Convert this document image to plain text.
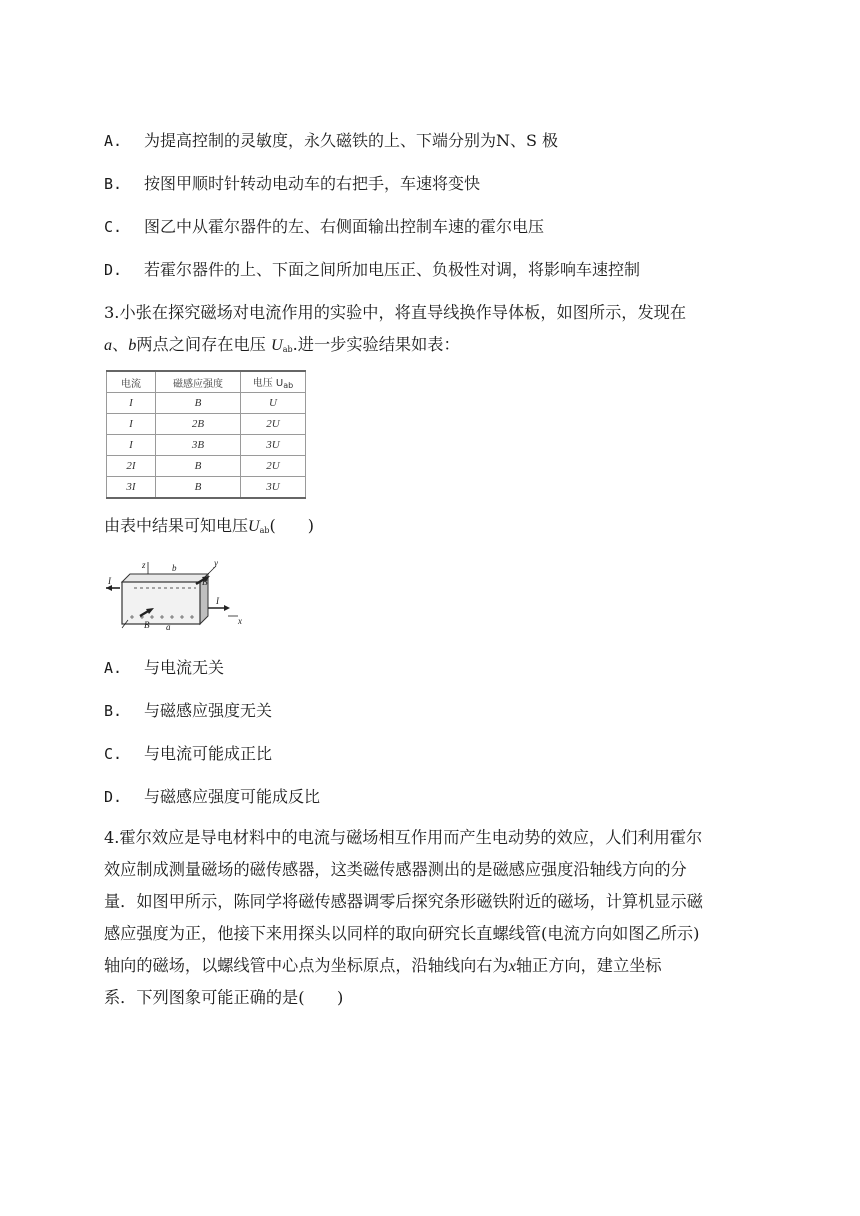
A. 为提高控制的灵敏度，永久磁铁的上、下端分别为N、S 极
B. 按图甲顺时针转动电动车的右把手，车速将变快
C. 图乙中从霍尔器件的左、右侧面输出控制车速的霍尔电压
D. 若霍尔器件的上、下面之间所加电压正、负极性对调，将影响车速控制
3.小张在探究磁场对电流作用的实验中，将直导线换作导体板，如图所示，发现在
a、b两点之间存在电压 $U_{ab}$.进一步实验结果如表：
电流	磁感应强度	电压 $U_{ab}$
I	B	U
I	2B	2U
I	3B	3U
2I	B	2U
3I	B	3U
由表中结果可知电压$U_{ab}$(　　)
I
I
B
B a
b
x
y
z
A. 与电流无关
B. 与磁感应强度无关
C. 与电流可能成正比
D. 与磁感应强度可能成反比
4.霍尔效应是导电材料中的电流与磁场相互作用而产生电动势的效应，人们利用霍尔
效应制成测量磁场的磁传感器，这类磁传感器测出的是磁感应强度沿轴线方向的分
量．如图甲所示，陈同学将磁传感器调零后探究条形磁铁附近的磁场，计算机显示磁
感应强度为正，他接下来用探头以同样的取向研究长直螺线管(电流方向如图乙所示)
轴向的磁场，以螺线管中心点为坐标原点，沿轴线向右为x轴正方向，建立坐标
系．下列图象可能正确的是(　　)
